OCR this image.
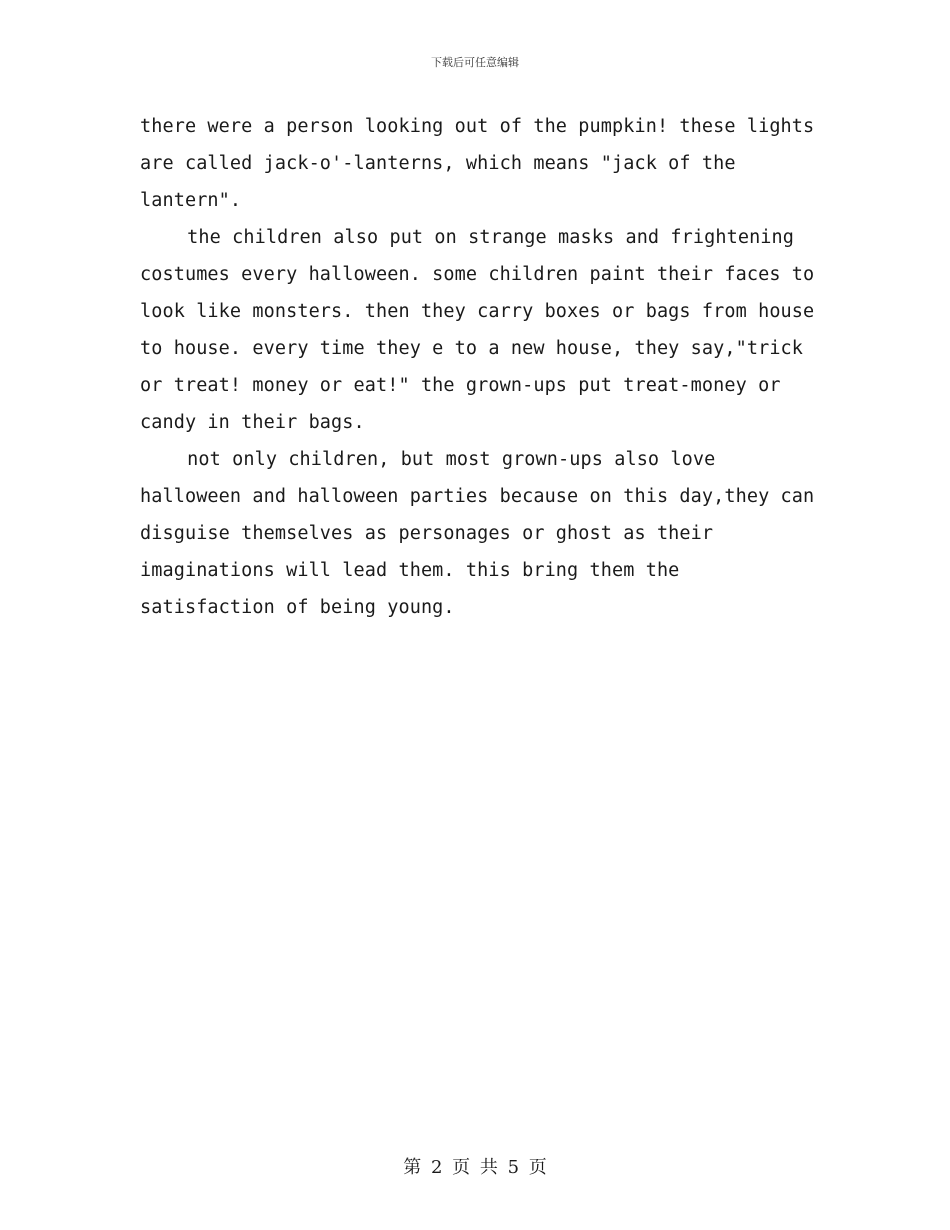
下载后可任意编辑

there were a person looking out of the pumpkin! these lights are called jack-o'-lanterns, which means "jack of the lantern".

the children also put on strange masks and frightening costumes every halloween. some children paint their faces to look like monsters. then they carry boxes or bags from house to house. every time they e to a new house, they say,"trick or treat! money or eat!" the grown-ups put treat-money or candy in their bags.

not only children, but most grown-ups also love halloween and halloween parties because on this day,they can disguise themselves as personages or ghost as their imaginations will lead them. this bring them the satisfaction of being young.

第 2 页 共 5 页
